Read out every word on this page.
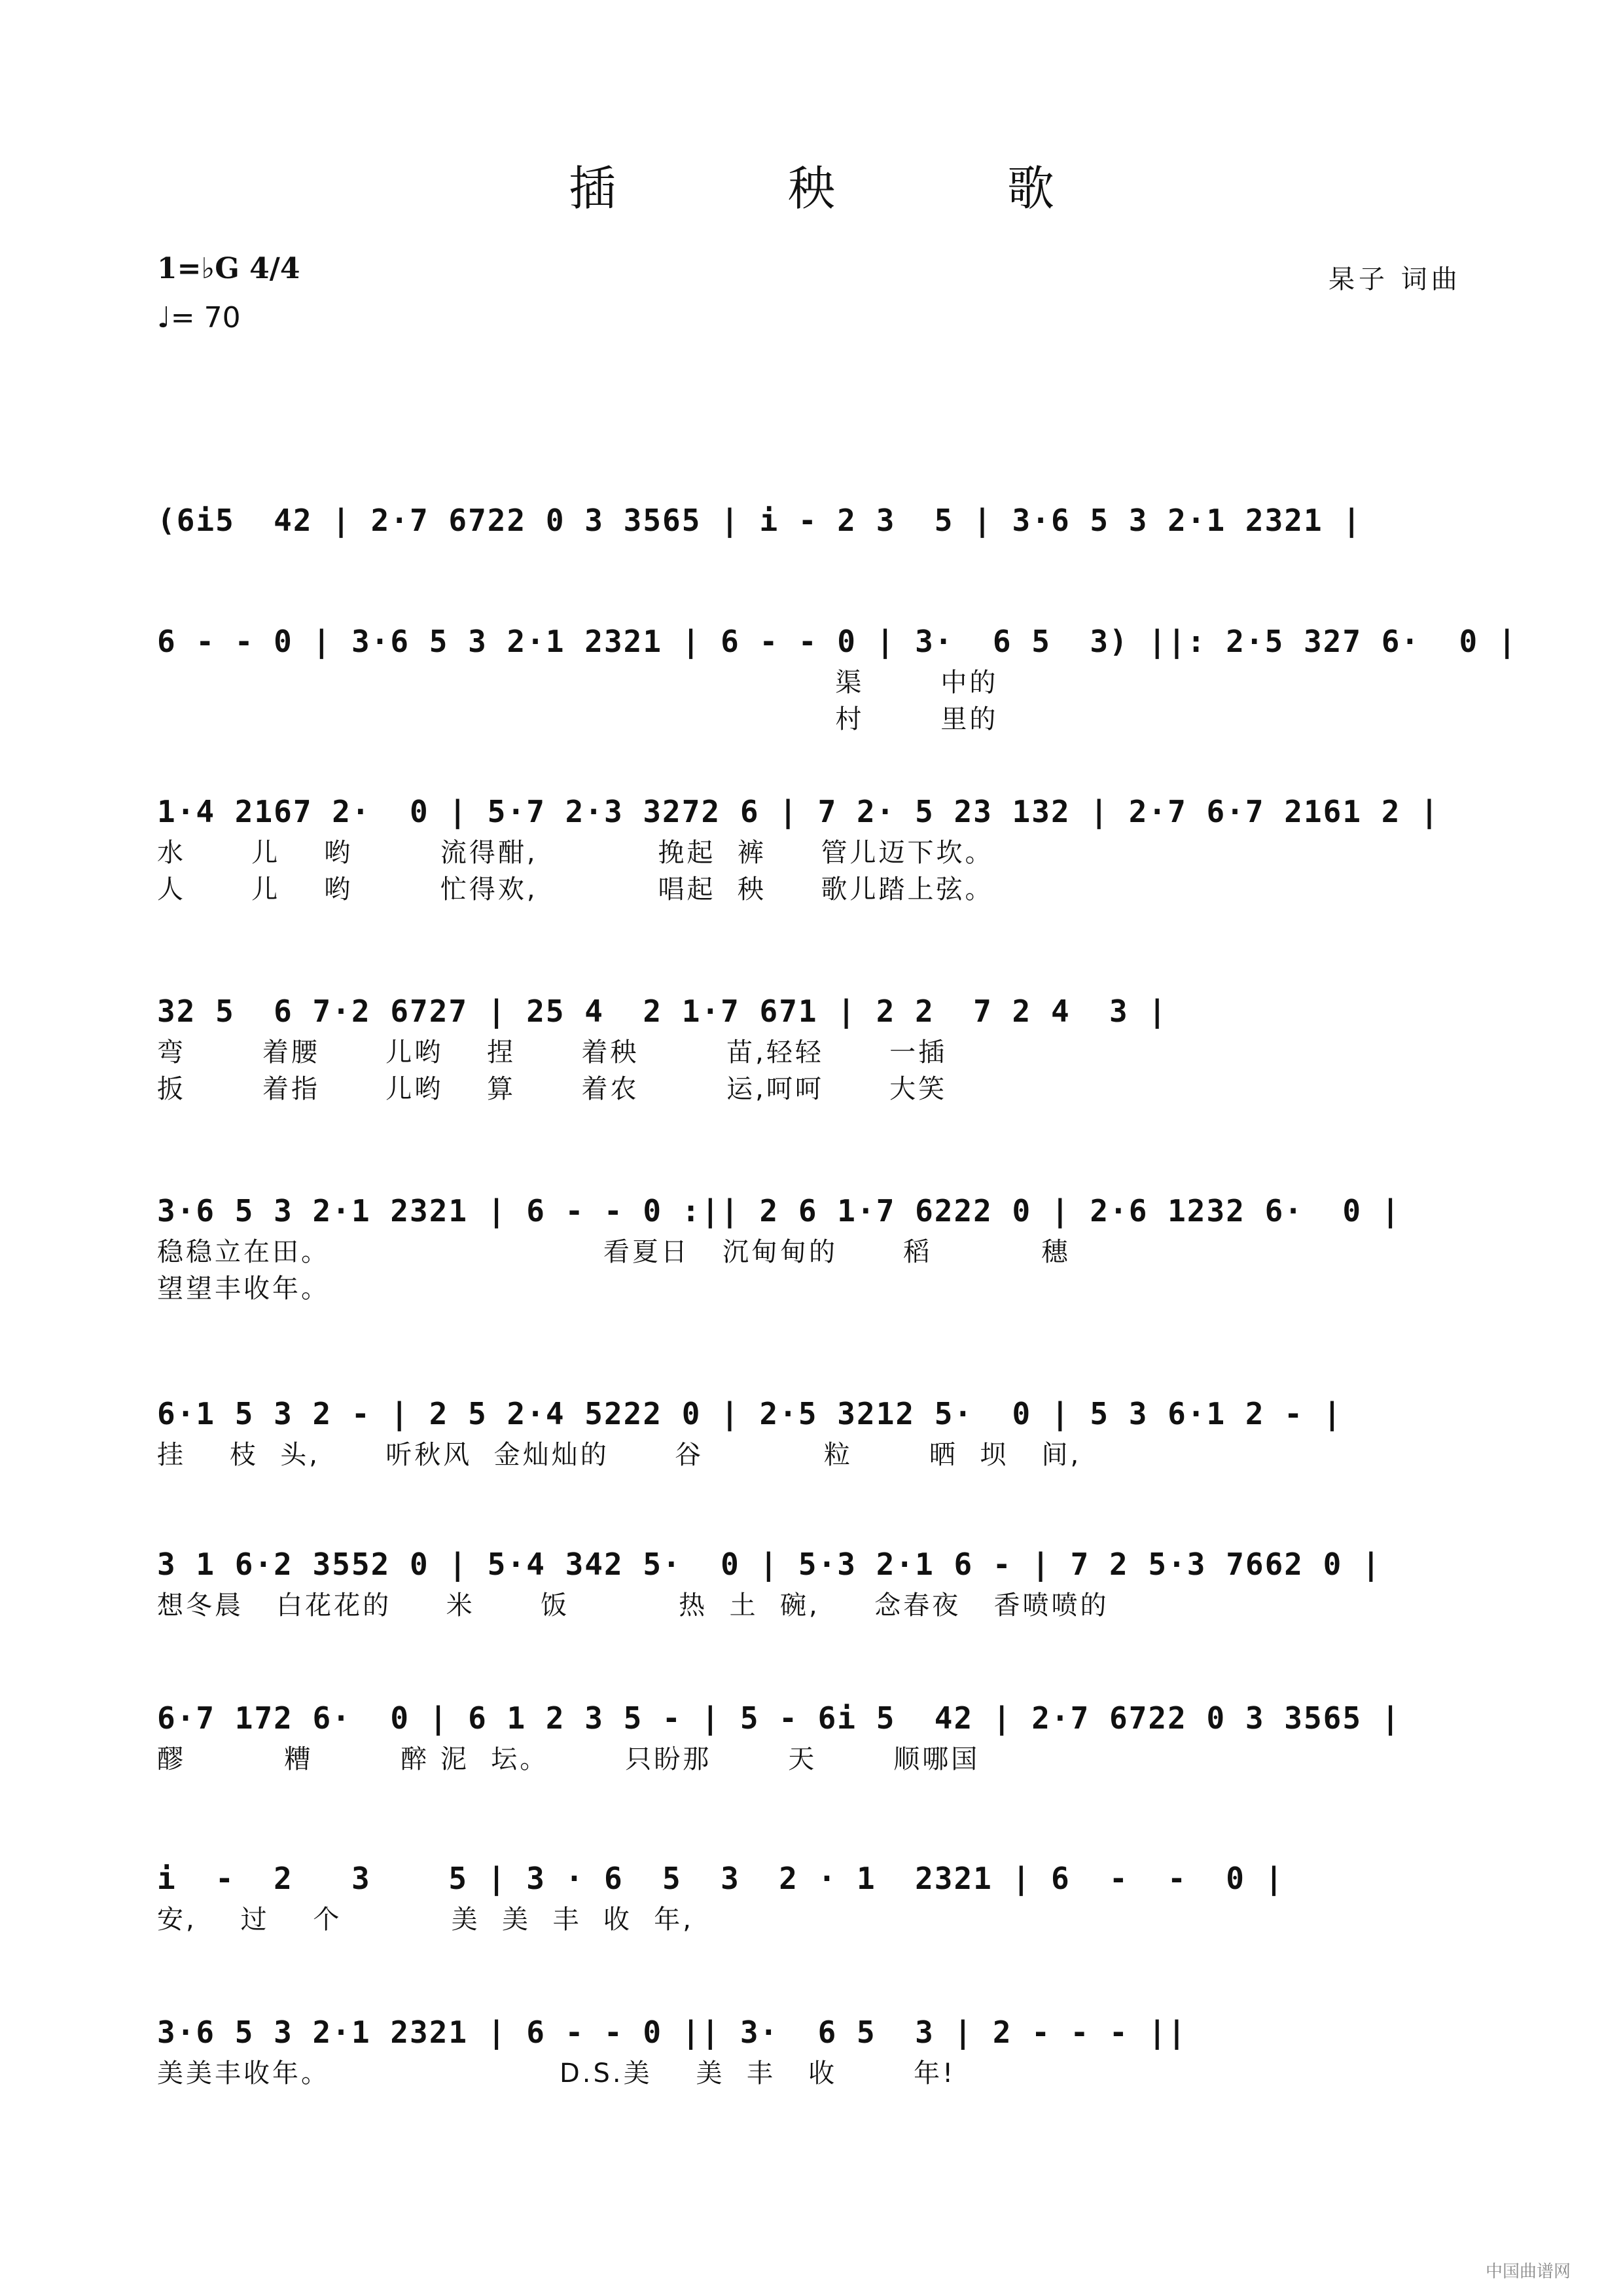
插 秧 歌
1=♭G 4/4
♩= 70
杲子 词曲
(6i5  42 | 2·7 6722 0 3 3565 | i - 2 3  5 | 3·6 5 3 2·1 2321 |
6 - - 0 | 3·6 5 3 2·1 2321 | 6 - - 0 | 3·  6 5  3) ||: 2·5 327 6·  0 |
渠       中的
村       里的
1·4 2167 2·  0 | 5·7 2·3 3272 6 | 7 2· 5 23 132 | 2·7 6·7 2161 2 |
水      儿    哟        流得酣,           挽起  裤     管儿迈下坎。
人      儿    哟        忙得欢,           唱起  秧     歌儿踏上弦。
32 5  6 7·2 6727 | 25 4  2 1·7 671 | 2 2  7 2 4  3 |
弯       着腰      儿哟    捏      着秧        苗,轻轻      一插
扳       着指      儿哟    算      着农        运,呵呵      大笑
3·6 5 3 2·1 2321 | 6 - - 0 :|| 2 6 1·7 6222 0 | 2·6 1232 6·  0 |
稳稳立在田。                         看夏日   沉甸甸的      稻          穗
望望丰收年。
6·1 5 3 2 - | 2 5 2·4 5222 0 | 2·5 3212 5·  0 | 5 3 6·1 2 - |
挂    枝  头,      听秋风  金灿灿的      谷           粒       晒  坝   间,
3 1 6·2 3552 0 | 5·4 342 5·  0 | 5·3 2·1 6 - | 7 2 5·3 7662 0 |
想冬晨   白花花的     米      饭          热  土  碗,     念春夜   香喷喷的
6·7 172 6·  0 | 6 1 2 3 5 - | 5 - 6i 5  42 | 2·7 6722 0 3 3565 |
醪         糟        醉 泥  坛。       只盼那       天       顺哪国
i  -  2   3    5 | 3 · 6  5  3  2 · 1  2321 | 6  -  -  0 |
安,    过    个          美  美  丰  收  年,
3·6 5 3 2·1 2321 | 6 - - 0 || 3·  6 5  3 | 2 - - - ||
美美丰收年。                     D.S.美    美  丰   收       年!
中国曲谱网
